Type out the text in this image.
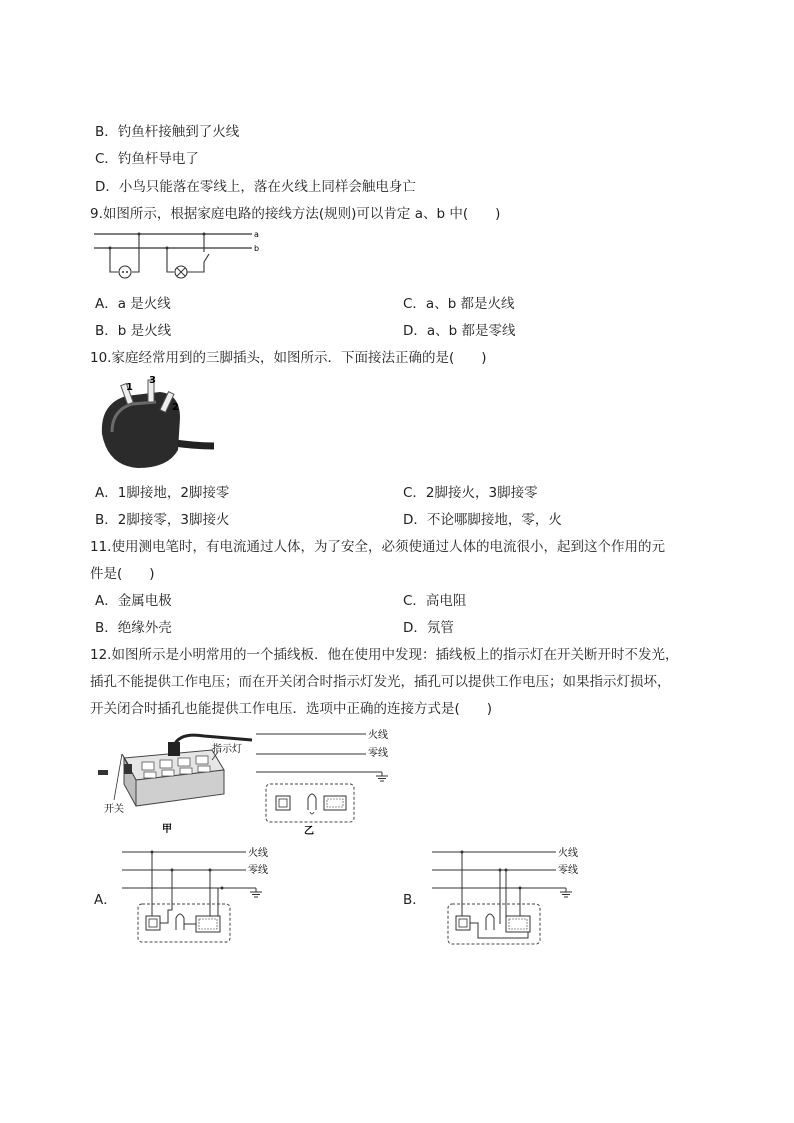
B．钓鱼杆接触到了火线
C．钓鱼杆导电了
D．小鸟只能落在零线上，落在火线上同样会触电身亡
9.如图所示，根据家庭电路的接线方法(规则)可以肯定 a、b 中(　　)
a
b
A．a 是火线	C．a、b 都是火线
B．b 是火线	D．a、b 都是零线
10.家庭经常用到的三脚插头，如图所示．下面接法正确的是(　　)
1
3
2
A．1脚接地，2脚接零	C．2脚接火，3脚接零
B．2脚接零，3脚接火	D．不论哪脚接地，零，火
11.使用测电笔时，有电流通过人体，为了安全，必须使通过人体的电流很小，起到这个作用的元
件是(　　)
A．金属电极	C．高电阻
B．绝缘外壳	D．氖管
12.如图所示是小明常用的一个插线板．他在使用中发现：插线板上的指示灯在开关断开时不发光，
插孔不能提供工作电压；而在开关闭合时指示灯发光，插孔可以提供工作电压；如果指示灯损坏，
开关闭合时插孔也能提供工作电压．选项中正确的连接方式是(　　)
开关
指示灯
甲
火线
零线
乙
A．
火线
零线
B．
火线
零线
